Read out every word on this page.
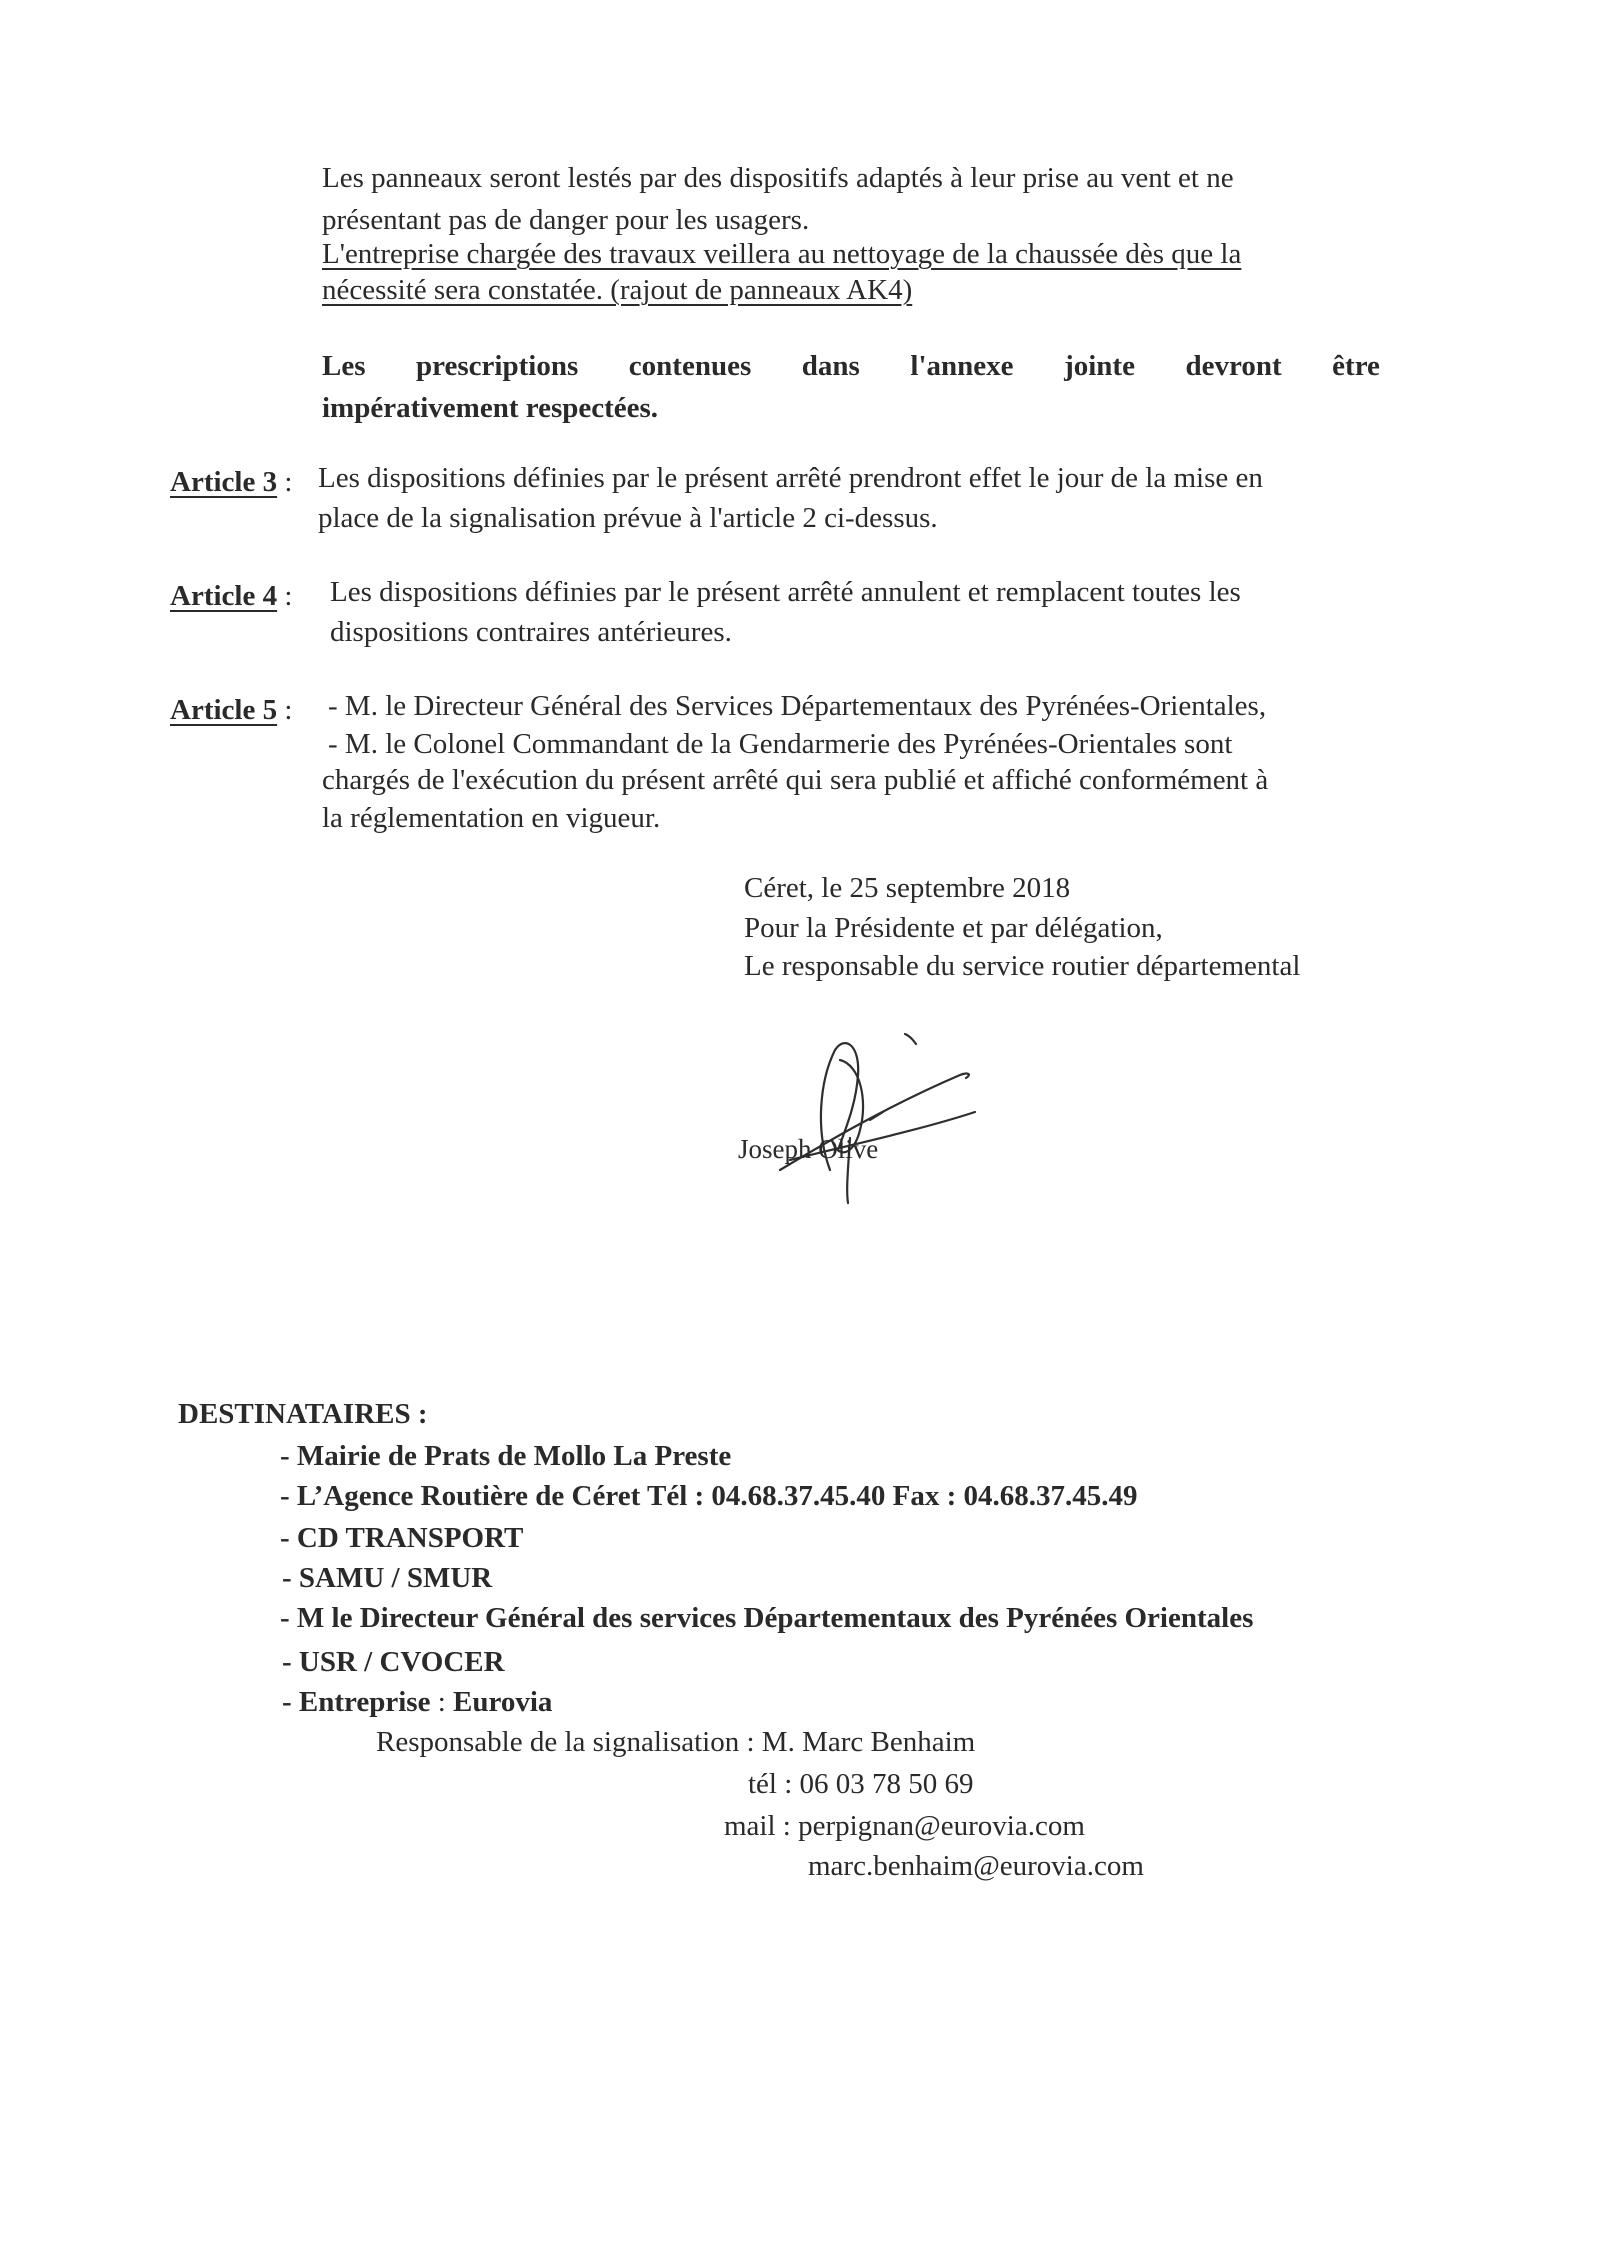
Les panneaux seront lestés par des dispositifs adaptés à leur prise au vent et ne
présentant pas de danger pour les usagers.
L'entreprise chargée des travaux veillera au nettoyage de la chaussée dès que la
nécessité sera constatée. (rajout de panneaux AK4)
Les prescriptions contenues dans l'annexe jointe devront être
impérativement respectées.
Article 3 : Les dispositions définies par le présent arrêté prendront effet le jour de la mise en
place de la signalisation prévue à l'article 2 ci-dessus.
Article 4 : Les dispositions définies par le présent arrêté annulent et remplacent toutes les
dispositions contraires antérieures.
Article 5 : - M. le Directeur Général des Services Départementaux des Pyrénées-Orientales,
- M. le Colonel Commandant de la Gendarmerie des Pyrénées-Orientales sont
chargés de l'exécution du présent arrêté qui sera publié et affiché conformément à
la réglementation en vigueur.
Céret, le 25 septembre 2018
Pour la Présidente et par délégation,
Le responsable du service routier départemental
Joseph Olive
DESTINATAIRES :
- Mairie de Prats de Mollo La Preste
- L’Agence Routière de Céret Tél : 04.68.37.45.40 Fax : 04.68.37.45.49
- CD TRANSPORT
- SAMU / SMUR
- M le Directeur Général des services Départementaux des Pyrénées Orientales
- USR / CVOCER
- Entreprise : Eurovia
Responsable de la signalisation : M. Marc Benhaim
tél : 06 03 78 50 69
mail : perpignan@eurovia.com
marc.benhaim@eurovia.com
